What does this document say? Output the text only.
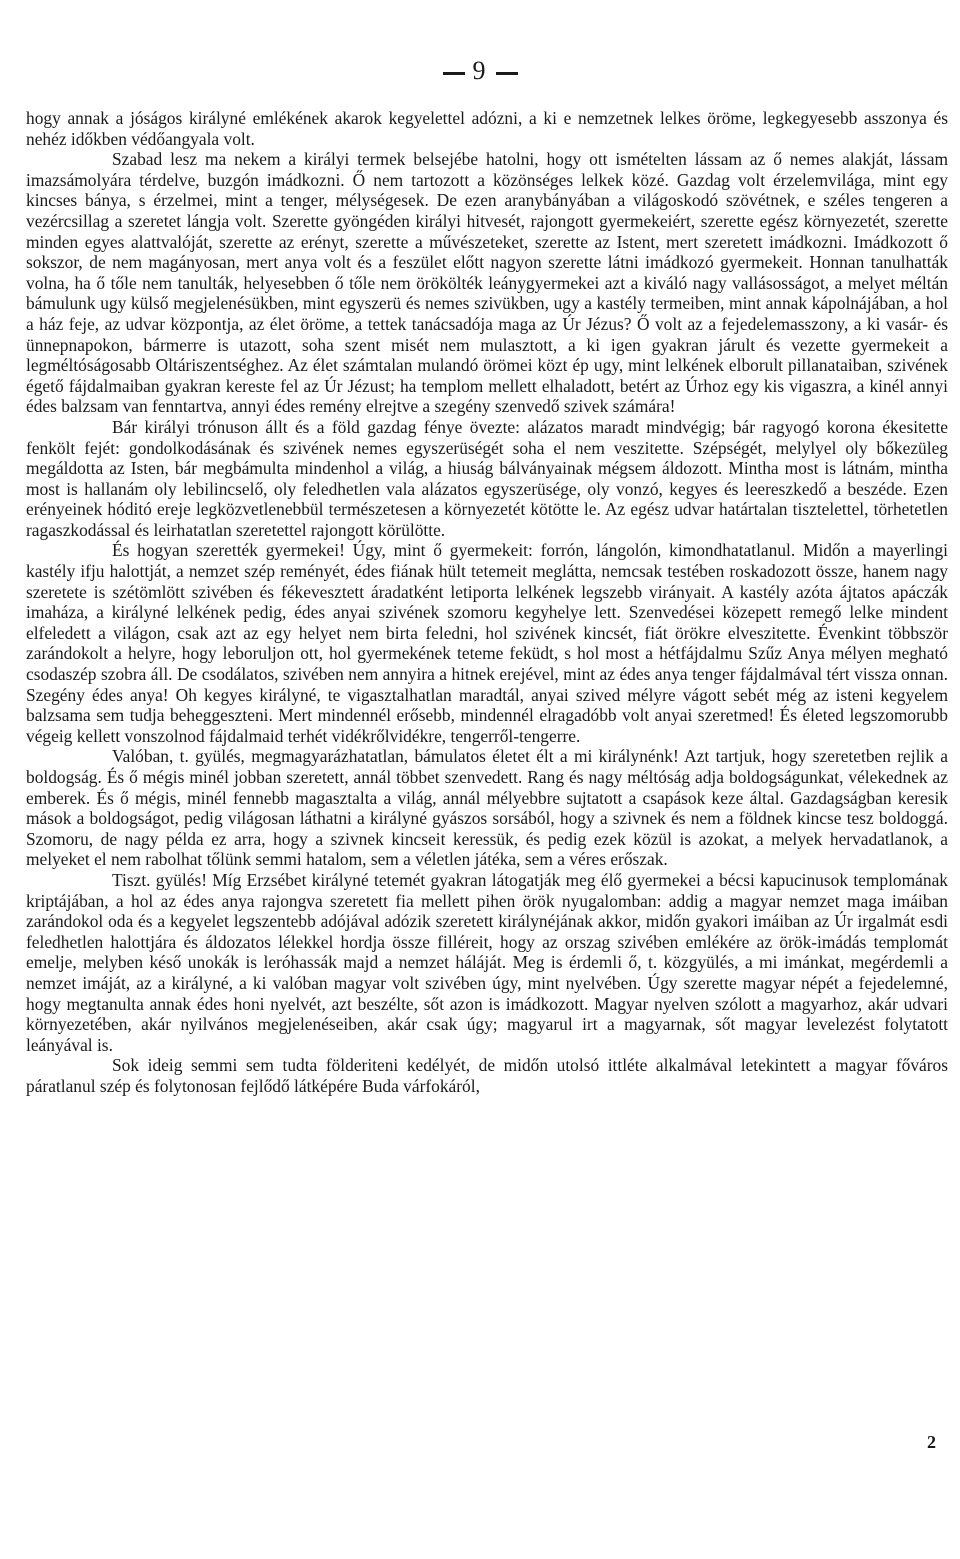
9

hogy annak a jóságos királyné emlékének akarok kegyelettel adózni, a ki e nemzetnek lelkes öröme, legkegyesebb asszonya és nehéz időkben védőangyala volt.

Szabad lesz ma nekem a királyi termek belsejébe hatolni, hogy ott ismételten lássam az ő nemes alakját, lássam imazsámolyára térdelve, buzgón imádkozni. Ő nem tartozott a közönséges lelkek közé. Gazdag volt érzelemvilága, mint egy kincses bánya, s érzelmei, mint a tenger, mélységesek. De ezen aranybányában a világoskodó szövétnek, e széles tengeren a vezércsillag a szeretet lángja volt. Szerette gyöngéden királyi hitvesét, rajongott gyermekeiért, szerette egész környezetét, szerette minden egyes alattvalóját, szerette az erényt, szerette a művészeteket, szerette az Istent, mert szeretett imádkozni. Imádkozott ő sokszor, de nem magányosan, mert anya volt és a feszület előtt nagyon szerette látni imádkozó gyermekeit. Honnan tanulhatták volna, ha ő tőle nem tanulták, helyesebben ő tőle nem örökölték leánygyermekei azt a kiváló nagy vallásosságot, a melyet méltán bámulunk ugy külső megjelenésükben, mint egyszerü és nemes szivükben, ugy a kastély termeiben, mint annak kápolnájában, a hol a ház feje, az udvar központja, az élet öröme, a tettek tanácsadója maga az Úr Jézus? Ő volt az a fejedelemasszony, a ki vasár- és ünnepnapokon, bármerre is utazott, soha szent misét nem mulasztott, a ki igen gyakran járult és vezette gyermekeit a legméltóságosabb Oltáriszentséghez. Az élet számtalan mulandó örömei közt ép ugy, mint lelkének elborult pillanataiban, szivének égető fájdalmaiban gyakran kereste fel az Úr Jézust; ha templom mellett elhaladott, betért az Úrhoz egy kis vigaszra, a kinél annyi édes balzsam van fenntartva, annyi édes remény elrejtve a szegény szenvedő szivek számára!

Bár királyi trónuson állt és a föld gazdag fénye övezte: alázatos maradt mindvégig; bár ragyogó korona ékesitette fenkölt fejét: gondolkodásának és szivének nemes egyszerüségét soha el nem veszitette. Szépségét, melylyel oly bőkezüleg megáldotta az Isten, bár megbámulta mindenhol a világ, a hiuság bálványainak mégsem áldozott. Mintha most is látnám, mintha most is hallanám oly lebilincselő, oly feledhetlen vala alázatos egyszerüsége, oly vonzó, kegyes és leereszkedő a beszéde. Ezen erényeinek hóditó ereje legközvetlenebbül természetesen a környezetét kötötte le. Az egész udvar határtalan tisztelettel, törhetetlen ragaszkodással és leirhatatlan szeretettel rajongott körülötte.

És hogyan szerették gyermekei! Úgy, mint ő gyermekeit: forrón, lángolón, kimondhatatlanul. Midőn a mayerlingi kastély ifju halottját, a nemzet szép reményét, édes fiának hült tetemeit meglátta, nemcsak testében roskadozott össze, hanem nagy szeretete is szétömlött szivében és fékevesztett áradatként letiporta lelkének legszebb virányait. A kastély azóta ájtatos apáczák imaháza, a királyné lelkének pedig, édes anyai szivének szomoru kegyhelye lett. Szenvedései közepett remegő lelke mindent elfeledett a világon, csak azt az egy helyet nem birta feledni, hol szivének kincsét, fiát örökre elveszitette. Évenkint többször zarándokolt a helyre, hogy leboruljon ott, hol gyermekének teteme feküdt, s hol most a hétfájdalmu Szűz Anya mélyen megható csodaszép szobra áll. De csodálatos, szivében nem annyira a hitnek erejével, mint az édes anya tenger fájdalmával tért vissza onnan. Szegény édes anya! Oh kegyes királyné, te vigasztalhatlan maradtál, anyai szived mélyre vágott sebét még az isteni kegyelem balzsama sem tudja beheggeszteni. Mert mindennél erősebb, mindennél elragadóbb volt anyai szeretmed! És életed legszomorubb végeig kellett vonszolnod fájdalmaid terhét vidékrőlvidékre, tengerről-tengerre.

Valóban, t. gyülés, megmagyarázhatatlan, bámulatos életet élt a mi királynénk! Azt tartjuk, hogy szeretetben rejlik a boldogság. És ő mégis minél jobban szeretett, annál többet szenvedett. Rang és nagy méltóság adja boldogságunkat, vélekednek az emberek. És ő mégis, minél fennebb magasztalta a világ, annál mélyebbre sujtatott a csapások keze által. Gazdagságban keresik mások a boldogságot, pedig világosan láthatni a királyné gyászos sorsából, hogy a szivnek és nem a földnek kincse tesz boldoggá. Szomoru, de nagy példa ez arra, hogy a szivnek kincseit keressük, és pedig ezek közül is azokat, a melyek hervadatlanok, a melyeket el nem rabolhat tőlünk semmi hatalom, sem a véletlen játéka, sem a véres erőszak.

Tiszt. gyülés! Míg Erzsébet királyné tetemét gyakran látogatják meg élő gyermekei a bécsi kapucinusok templomának kriptájában, a hol az édes anya rajongva szeretett fia mellett pihen örök nyugalomban: addig a magyar nemzet maga imáiban zarándokol oda és a kegyelet legszentebb adójával adózik szeretett királynéjának akkor, midőn gyakori imáiban az Úr irgalmát esdi feledhetlen halottjára és áldozatos lélekkel hordja össze filléreit, hogy az orszag szivében emlékére az örök-imádás templomát emelje, melyben késő unokák is leróhassák majd a nemzet háláját. Meg is érdemli ő, t. közgyülés, a mi imánkat, megérdemli a nemzet imáját, az a királyné, a ki valóban magyar volt szivében úgy, mint nyelvében. Úgy szerette magyar népét a fejedelemné, hogy megtanulta annak édes honi nyelvét, azt beszélte, sőt azon is imádkozott. Magyar nyelven szólott a magyarhoz, akár udvari környezetében, akár nyilvános megjelenéseiben, akár csak úgy; magyarul irt a magyarnak, sőt magyar levelezést folytatott leányával is.

Sok ideig semmi sem tudta földeriteni kedélyét, de midőn utolsó ittléte alkalmával letekintett a magyar főváros páratlanul szép és folytonosan fejlődő látképére Buda várfokáról,

2
